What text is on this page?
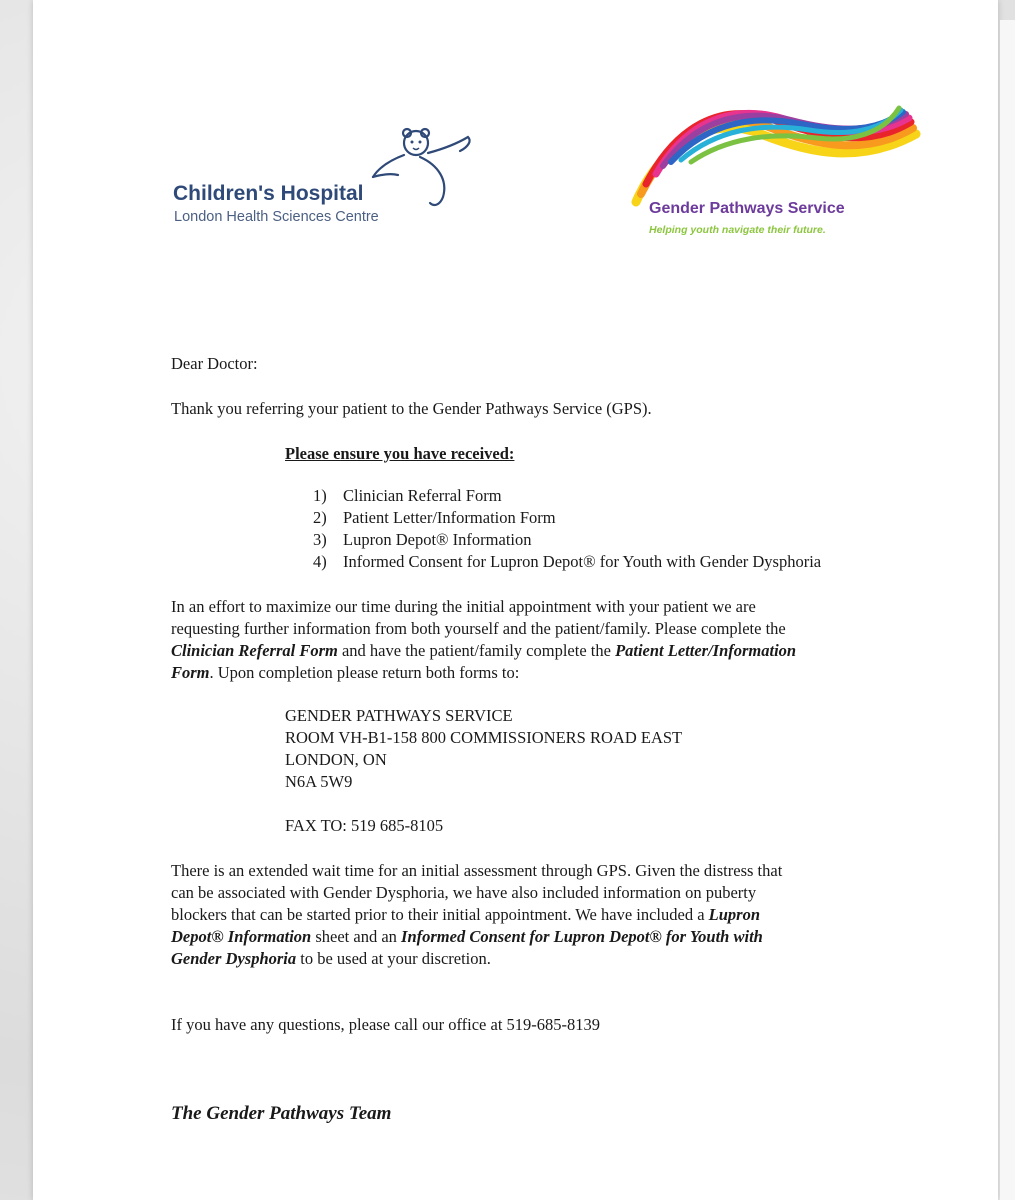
Children's Hospital
London Health Sciences Centre	Gender Pathways Service
Helping youth navigate their future.
Dear Doctor:
Thank you referring your patient to the Gender Pathways Service (GPS).
Please ensure you have received:
1) Clinician Referral Form
2) Patient Letter/Information Form
3) Lupron Depot® Information
4) Informed Consent for Lupron Depot® for Youth with Gender Dysphoria
In an effort to maximize our time during the initial appointment with your patient we are
requesting further information from both yourself and the patient/family. Please complete the
Clinician Referral Form and have the patient/family complete the Patient Letter/Information
Form. Upon completion please return both forms to:
GENDER PATHWAYS SERVICE
ROOM VH-B1-158 800 COMMISSIONERS ROAD EAST
LONDON, ON
N6A 5W9
FAX TO: 519 685-8105
There is an extended wait time for an initial assessment through GPS. Given the distress that
can be associated with Gender Dysphoria, we have also included information on puberty
blockers that can be started prior to their initial appointment. We have included a Lupron
Depot® Information sheet and an Informed Consent for Lupron Depot® for Youth with
Gender Dysphoria to be used at your discretion.
If you have any questions, please call our office at 519-685-8139
The Gender Pathways Team
